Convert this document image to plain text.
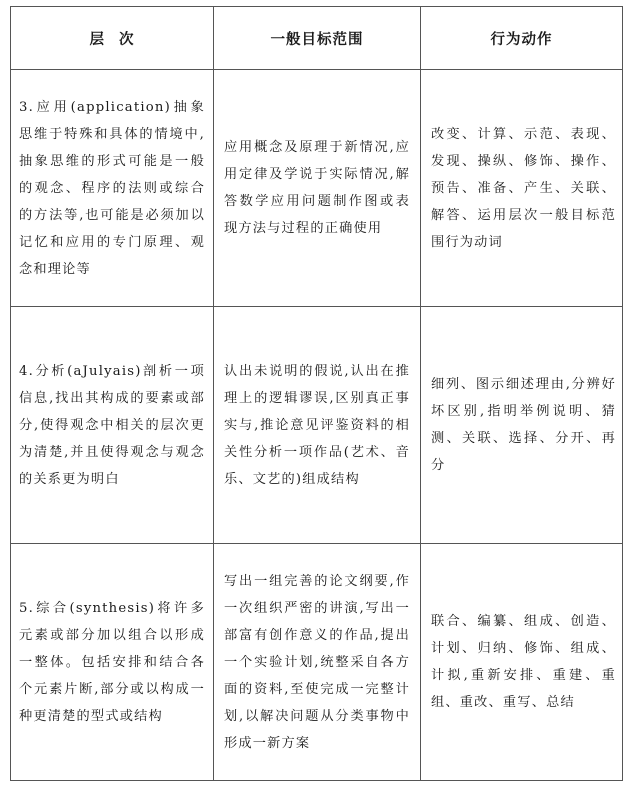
层 次	一般目标范围	行为动作

3.应用(application)抽象思维于特殊和具体的情境中,抽象思维的形式可能是一般的观念、程序的法则或综合的方法等,也可能是必须加以记忆和应用的专门原理、观念和理论等	应用概念及原理于新情况,应用定律及学说于实际情况,解答数学应用问题制作图或表现方法与过程的正确使用	改变、计算、示范、表现、发现、操纵、修饰、操作、预告、准备、产生、关联、解答、运用层次一般目标范围行为动词

4.分析(aJulyais)剖析一项信息,找出其构成的要素或部分,使得观念中相关的层次更为清楚,并且使得观念与观念的关系更为明白	认出未说明的假说,认出在推理上的逻辑谬误,区别真正事实与,推论意见评鉴资料的相关性分析一项作品(艺术、音乐、文艺的)组成结构	细列、图示细述理由,分辨好坏区别,指明举例说明、猜测、关联、选择、分开、再分

5.综合(synthesis)将许多元素或部分加以组合以形成一整体。包括安排和结合各个元素片断,部分或以构成一种更清楚的型式或结构	写出一组完善的论文纲要,作一次组织严密的讲演,写出一部富有创作意义的作品,提出一个实验计划,统整采自各方面的资料,至使完成一完整计划,以解决问题从分类事物中形成一新方案	联合、编纂、组成、创造、计划、归纳、修饰、组成、计拟,重新安排、重建、重组、重改、重写、总结
